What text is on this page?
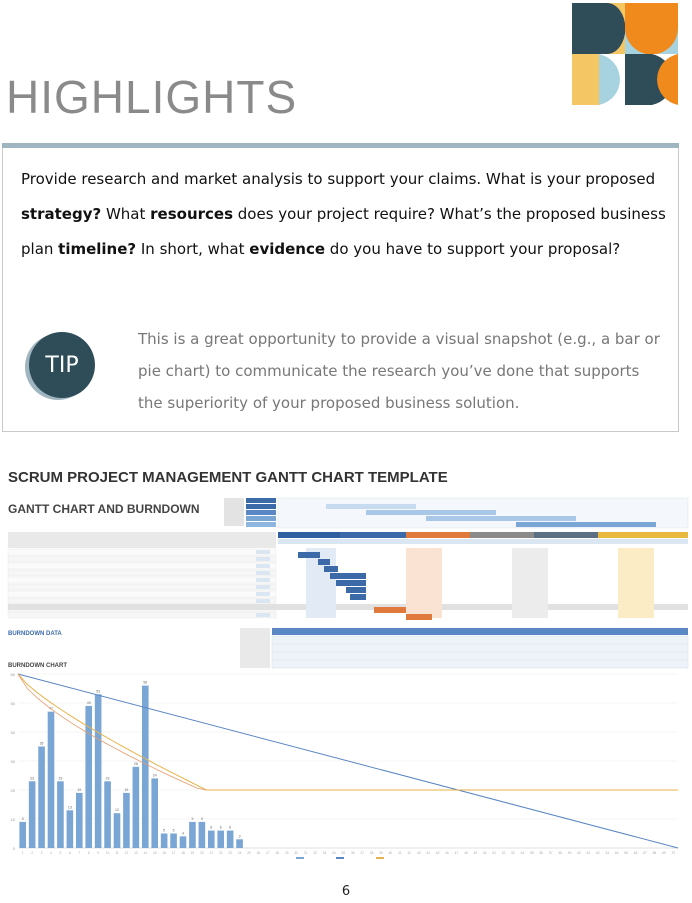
HIGHLIGHTS

Provide research and market analysis to support your claims. What is your proposed strategy? What resources does your project require? What’s the proposed business plan timeline? In short, what evidence do you have to support your proposal?

TIP

This is a great opportunity to provide a visual snapshot (e.g., a bar or pie chart) to communicate the research you’ve done that supports the superiority of your proposed business solution.

SCRUM PROJECT MANAGEMENT GANTT CHART TEMPLATE
GANTT CHART AND BURNDOWN
BURNDOWN DATA
BURNDOWN CHART
0
10
20
30
40
50
60
9
1
23
2
35
3
47
4
23
5
13
6
19
7
49
8
53
9
23
10
12
11
19
12
28
13
56
14
24
15
5
16
5
17
4
18
9
19
9
20
6
21
6
22
6
23
3
24 25 26 27 28 29 30 31 32 33 34 35 36 37 38 39 40 41 42 43 44 45 46 47 48 49 50 51 52 53 54 55 56 57 58 59 60 61 62 63 64 65 66 67 68 69 70
6
